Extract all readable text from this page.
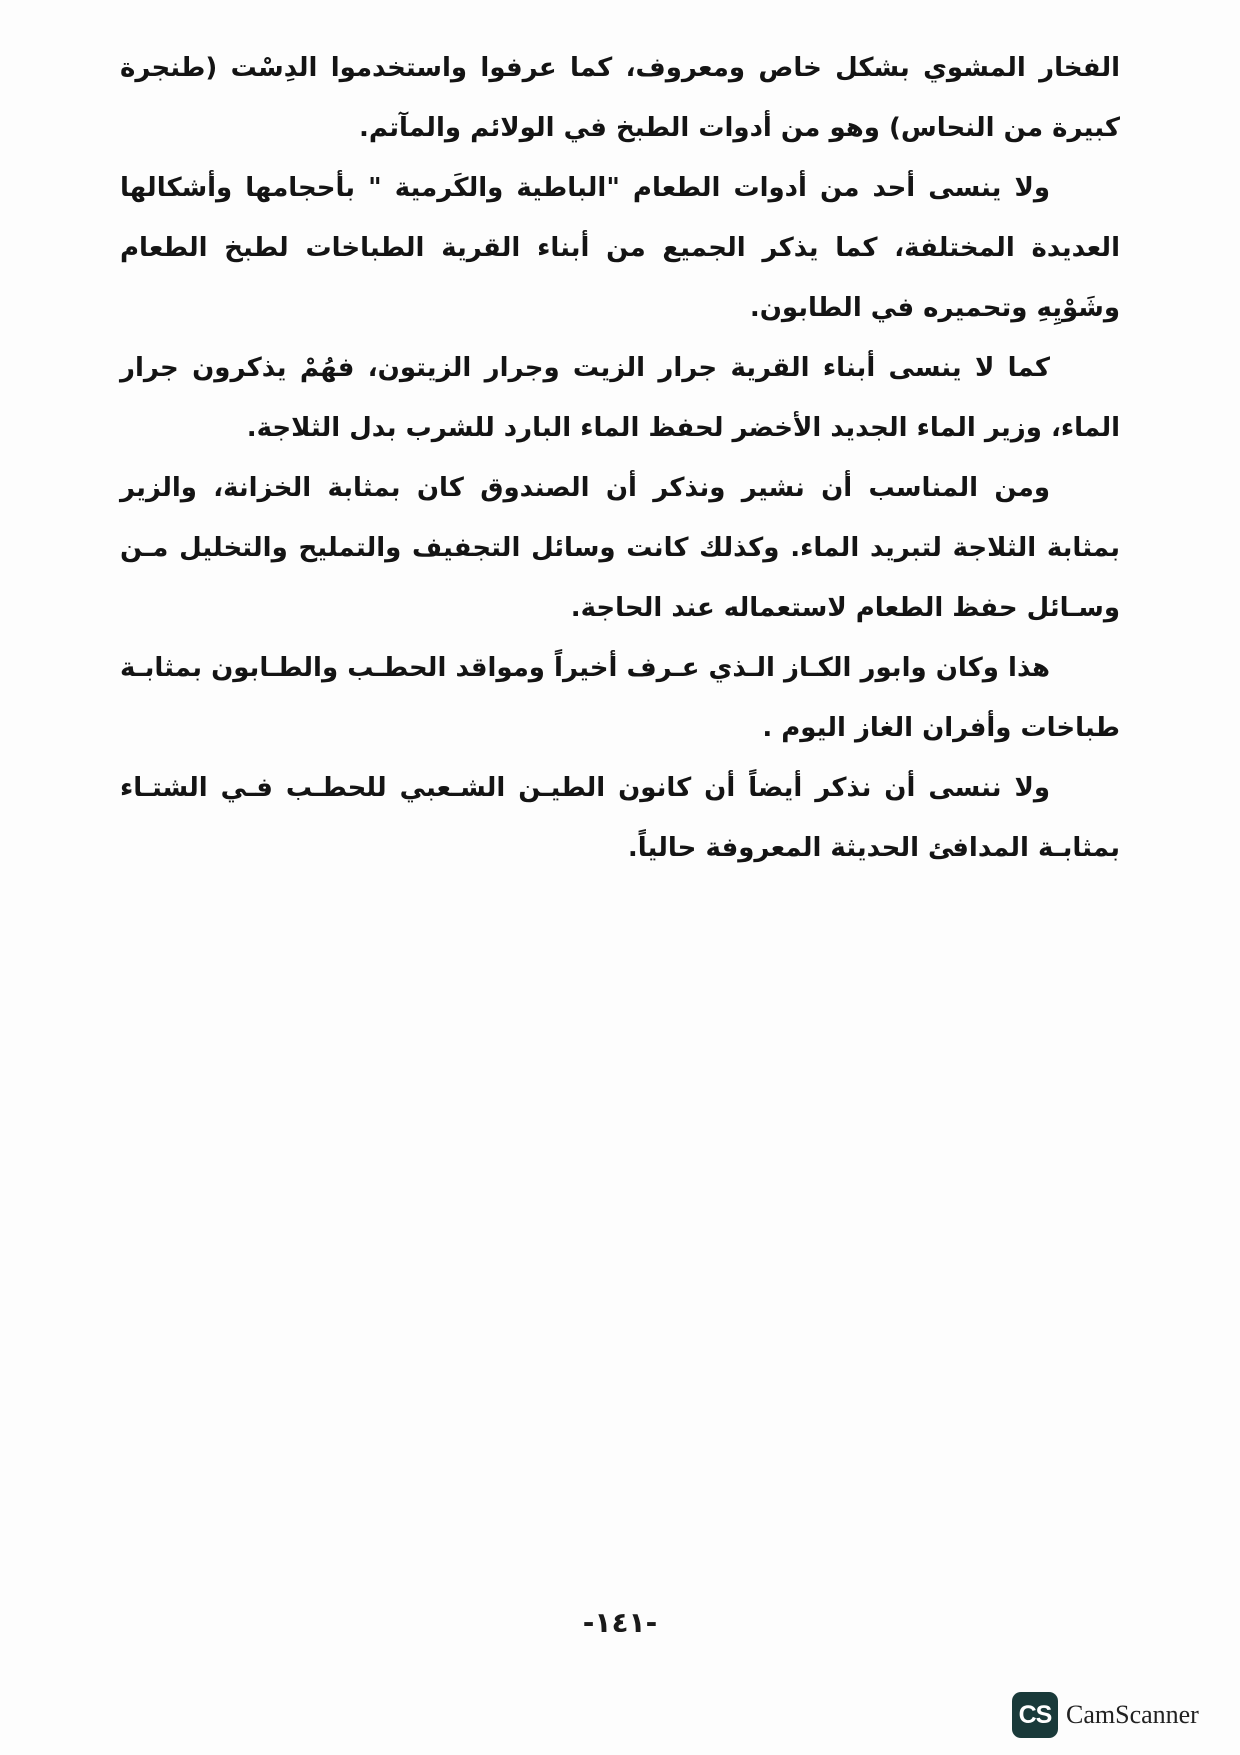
الفخار المشوي بشكل خاص ومعروف، كما عرفوا واستخدموا الدِسْت (طنجرة كبيرة من النحاس) وهو من أدوات الطبخ في الولائم والمآتم.

ولا ينسى أحد من أدوات الطعام "الباطية والكَرمية " بأحجامها وأشكالها العديدة المختلفة، كما يذكر الجميع من أبناء القرية الطباخات لطبخ الطعام وشَوْيِهِ وتحميره في الطابون.

كما لا ينسى أبناء القرية جرار الزيت وجرار الزيتون، فهُمْ يذكرون جرار الماء، وزير الماء الجديد الأخضر لحفظ الماء البارد للشرب بدل الثلاجة.

ومن المناسب أن نشير ونذكر أن الصندوق كان بمثابة الخزانة، والزير بمثابة الثلاجة لتبريد الماء. وكذلك كانت وسائل التجفيف والتمليح والتخليل مـن وسـائل حفظ الطعام لاستعماله عند الحاجة.

هذا وكان وابور الكـاز الـذي عـرف أخيراً ومواقد الحطـب والطـابون بمثابـة طباخات وأفران الغاز اليوم .

ولا ننسى أن نذكر أيضاً أن كانون الطيـن الشـعبي للحطـب فـي الشتـاء بمثابـة المدافئ الحديثة المعروفة حالياً.

-١٤١-
CS CamScanner
